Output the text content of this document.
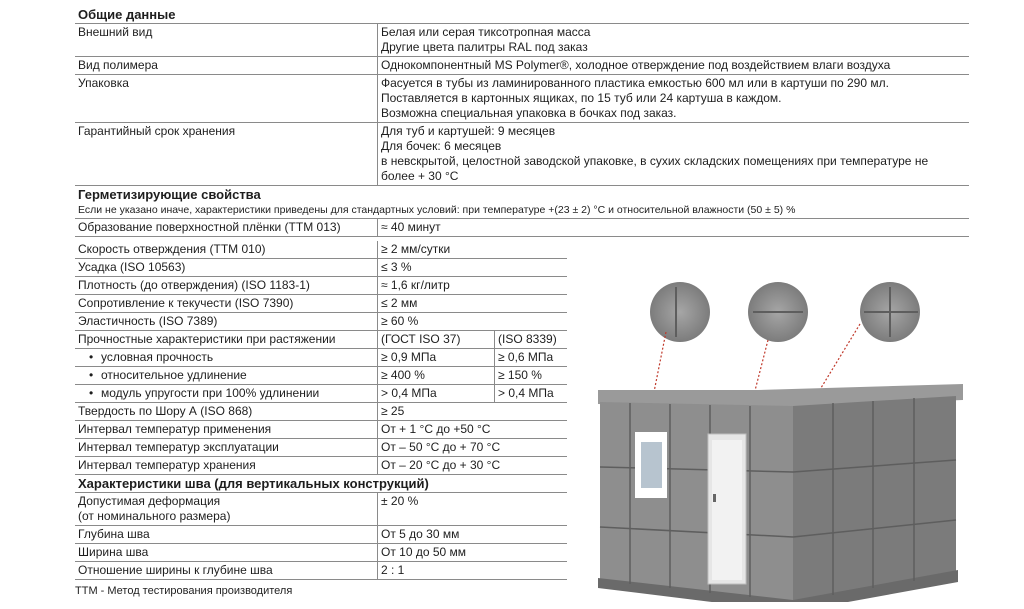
Общие данные	
Внешний вид	Белая или серая тиксотропная масса
Другие цвета палитры RAL под заказ

Вид полимера	Однокомпонентный MS Polymer®, холодное отверждение под воздействием влаги воздуха
Упаковка	Фасуется в тубы из ламинированного пластика емкостью 600 мл или в картуши по 290 мл.
Поставляется в картонных ящиках, по 15 туб или 24 картуша в каждом.
Возможна специальная упаковка в бочках под заказ.

Гарантийный срок хранения	Для туб и картушей: 9 месяцев
Для бочек: 6 месяцев
в невскрытой, целостной заводской упаковке, в сухих складских помещениях при температуре не
более + 30 °С

Герметизирующие свойства	
Если не указано иначе, характеристики приведены для стандартных условий: при температуре +(23 ± 2) °C и относительной влажности (50 ± 5) %	
Образование поверхностной плёнки (ТТМ 013)	≈ 40 минут
Скорость отверждения (ТТМ 010)	≥ 2 мм/сутки	
Усадка (ISO 10563)	≤ 3 %	
Плотность (до отверждения) (ISO 1183-1)	≈ 1,6 кг/литр	
Сопротивление к текучести (ISO 7390)	≤ 2 мм	
Эластичность (ISO 7389)	≥ 60 %	
Прочностные характеристики при растяжении	(ГОСТ ISO 37)	(ISO 8339)
• условная прочность	≥ 0,9 МПа	≥ 0,6 МПа
• относительное удлинение	≥ 400 %	≥ 150 %
• модуль упругости при 100% удлинении	> 0,4 МПа	> 0,4 МПа
Твердость по Шору А (ISO 868)	≥ 25	
Интервал температур применения	От + 1 °С до +50 °С	
Интервал температур эксплуатации	От – 50 °С до + 70 °С	
Интервал температур хранения	От – 20 °С до + 30 °С	
Характеристики шва (для вертикальных конструкций)		

Допустимая деформация
(от номинального размера)	± 20 %	
Глубина шва	От 5 до 30 мм	
Ширина шва	От 10 до 50 мм	
Отношение ширины к глубине шва	2 : 1	
ТТМ - Метод тестирования производителя
